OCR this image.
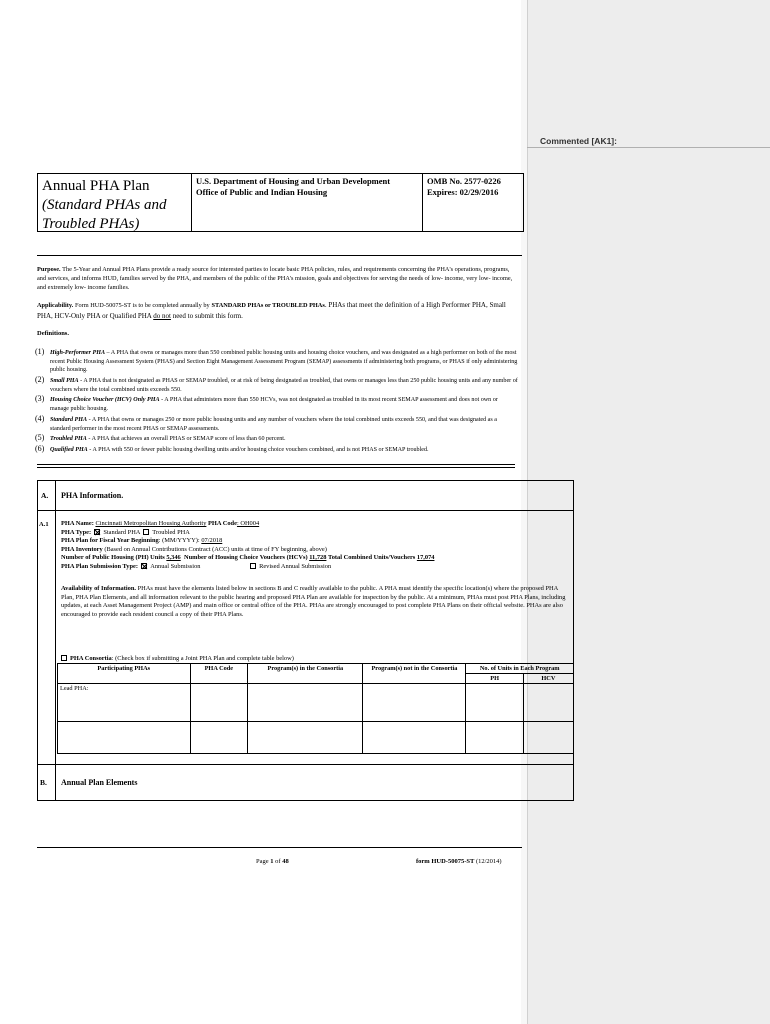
Commented [AK1]:
Annual PHA Plan
(Standard PHAs and Troubled PHAs)
U.S. Department of Housing and Urban Development
Office of Public and Indian Housing
OMB No. 2577-0226
Expires: 02/29/2016
Purpose. The 5-Year and Annual PHA Plans provide a ready source for interested parties to locate basic PHA policies, rules, and requirements concerning the PHA's operations, programs, and services, and informs HUD, families served by the PHA, and members of the public of the PHA's mission, goals and objectives for serving the needs of low- income, very low- income, and extremely low- income families.
Applicability. Form HUD-50075-ST is to be completed annually by STANDARD PHAs or TROUBLED PHAs. PHAs that meet the definition of a High Performer PHA, Small PHA, HCV-Only PHA or Qualified PHA do not need to submit this form.
Definitions.
(1) High-Performer PHA – A PHA that owns or manages more than 550 combined public housing units and housing choice vouchers, and was designated as a high performer on both of the most recent Public Housing Assessment System (PHAS) and Section Eight Management Assessment Program (SEMAP) assessments if administering both programs, or PHAS if only administering public housing.
(2) Small PHA - A PHA that is not designated as PHAS or SEMAP troubled, or at risk of being designated as troubled, that owns or manages less than 250 public housing units and any number of vouchers where the total combined units exceeds 550.
(3) Housing Choice Voucher (HCV) Only PHA - A PHA that administers more than 550 HCVs, was not designated as troubled in its most recent SEMAP assessment and does not own or manage public housing.
(4) Standard PHA - A PHA that owns or manages 250 or more public housing units and any number of vouchers where the total combined units exceeds 550, and that was designated as a standard performer in the most recent PHAS or SEMAP assessments.
(5) Troubled PHA - A PHA that achieves an overall PHAS or SEMAP score of less than 60 percent.
(6) Qualified PHA - A PHA with 550 or fewer public housing dwelling units and/or housing choice vouchers combined, and is not PHAS or SEMAP troubled.
A. PHA Information.
A.1 PHA Name: Cincinnati Metropolitan Housing Authority PHA Code: OH004
PHA Type: Standard PHA Troubled PHA
PHA Plan for Fiscal Year Beginning: (MM/YYYY): 07/2018
PHA Inventory (Based on Annual Contributions Contract (ACC) units at time of FY beginning, above)
Number of Public Housing (PH) Units 5,346 Number of Housing Choice Vouchers (HCVs) 11,728 Total Combined Units/Vouchers 17,074
PHA Plan Submission Type: Annual Submission	Revised Annual Submission
Availability of Information. PHAs must have the elements listed below in sections B and C readily available to the public. A PHA must identify the specific location(s) where the proposed PHA Plan, PHA Plan Elements, and all information relevant to the public hearing and proposed PHA Plan are available for inspection by the public. At a minimum, PHAs must post PHA Plans, including updates, at each Asset Management Project (AMP) and main office or central office of the PHA. PHAs are strongly encouraged to post complete PHA Plans on their official website. PHAs are also encouraged to provide each resident council a copy of their PHA Plans.
PHA Consortia: (Check box if submitting a Joint PHA Plan and complete table below)
Participating PHAs	PHA Code	Program(s) in the Consortia	Program(s) not in the Consortia	No. of Units in Each Program	
				PH	HCV
Lead PHA:					

B. Annual Plan Elements
Page 1 of 48	form HUD-50075-ST (12/2014)
